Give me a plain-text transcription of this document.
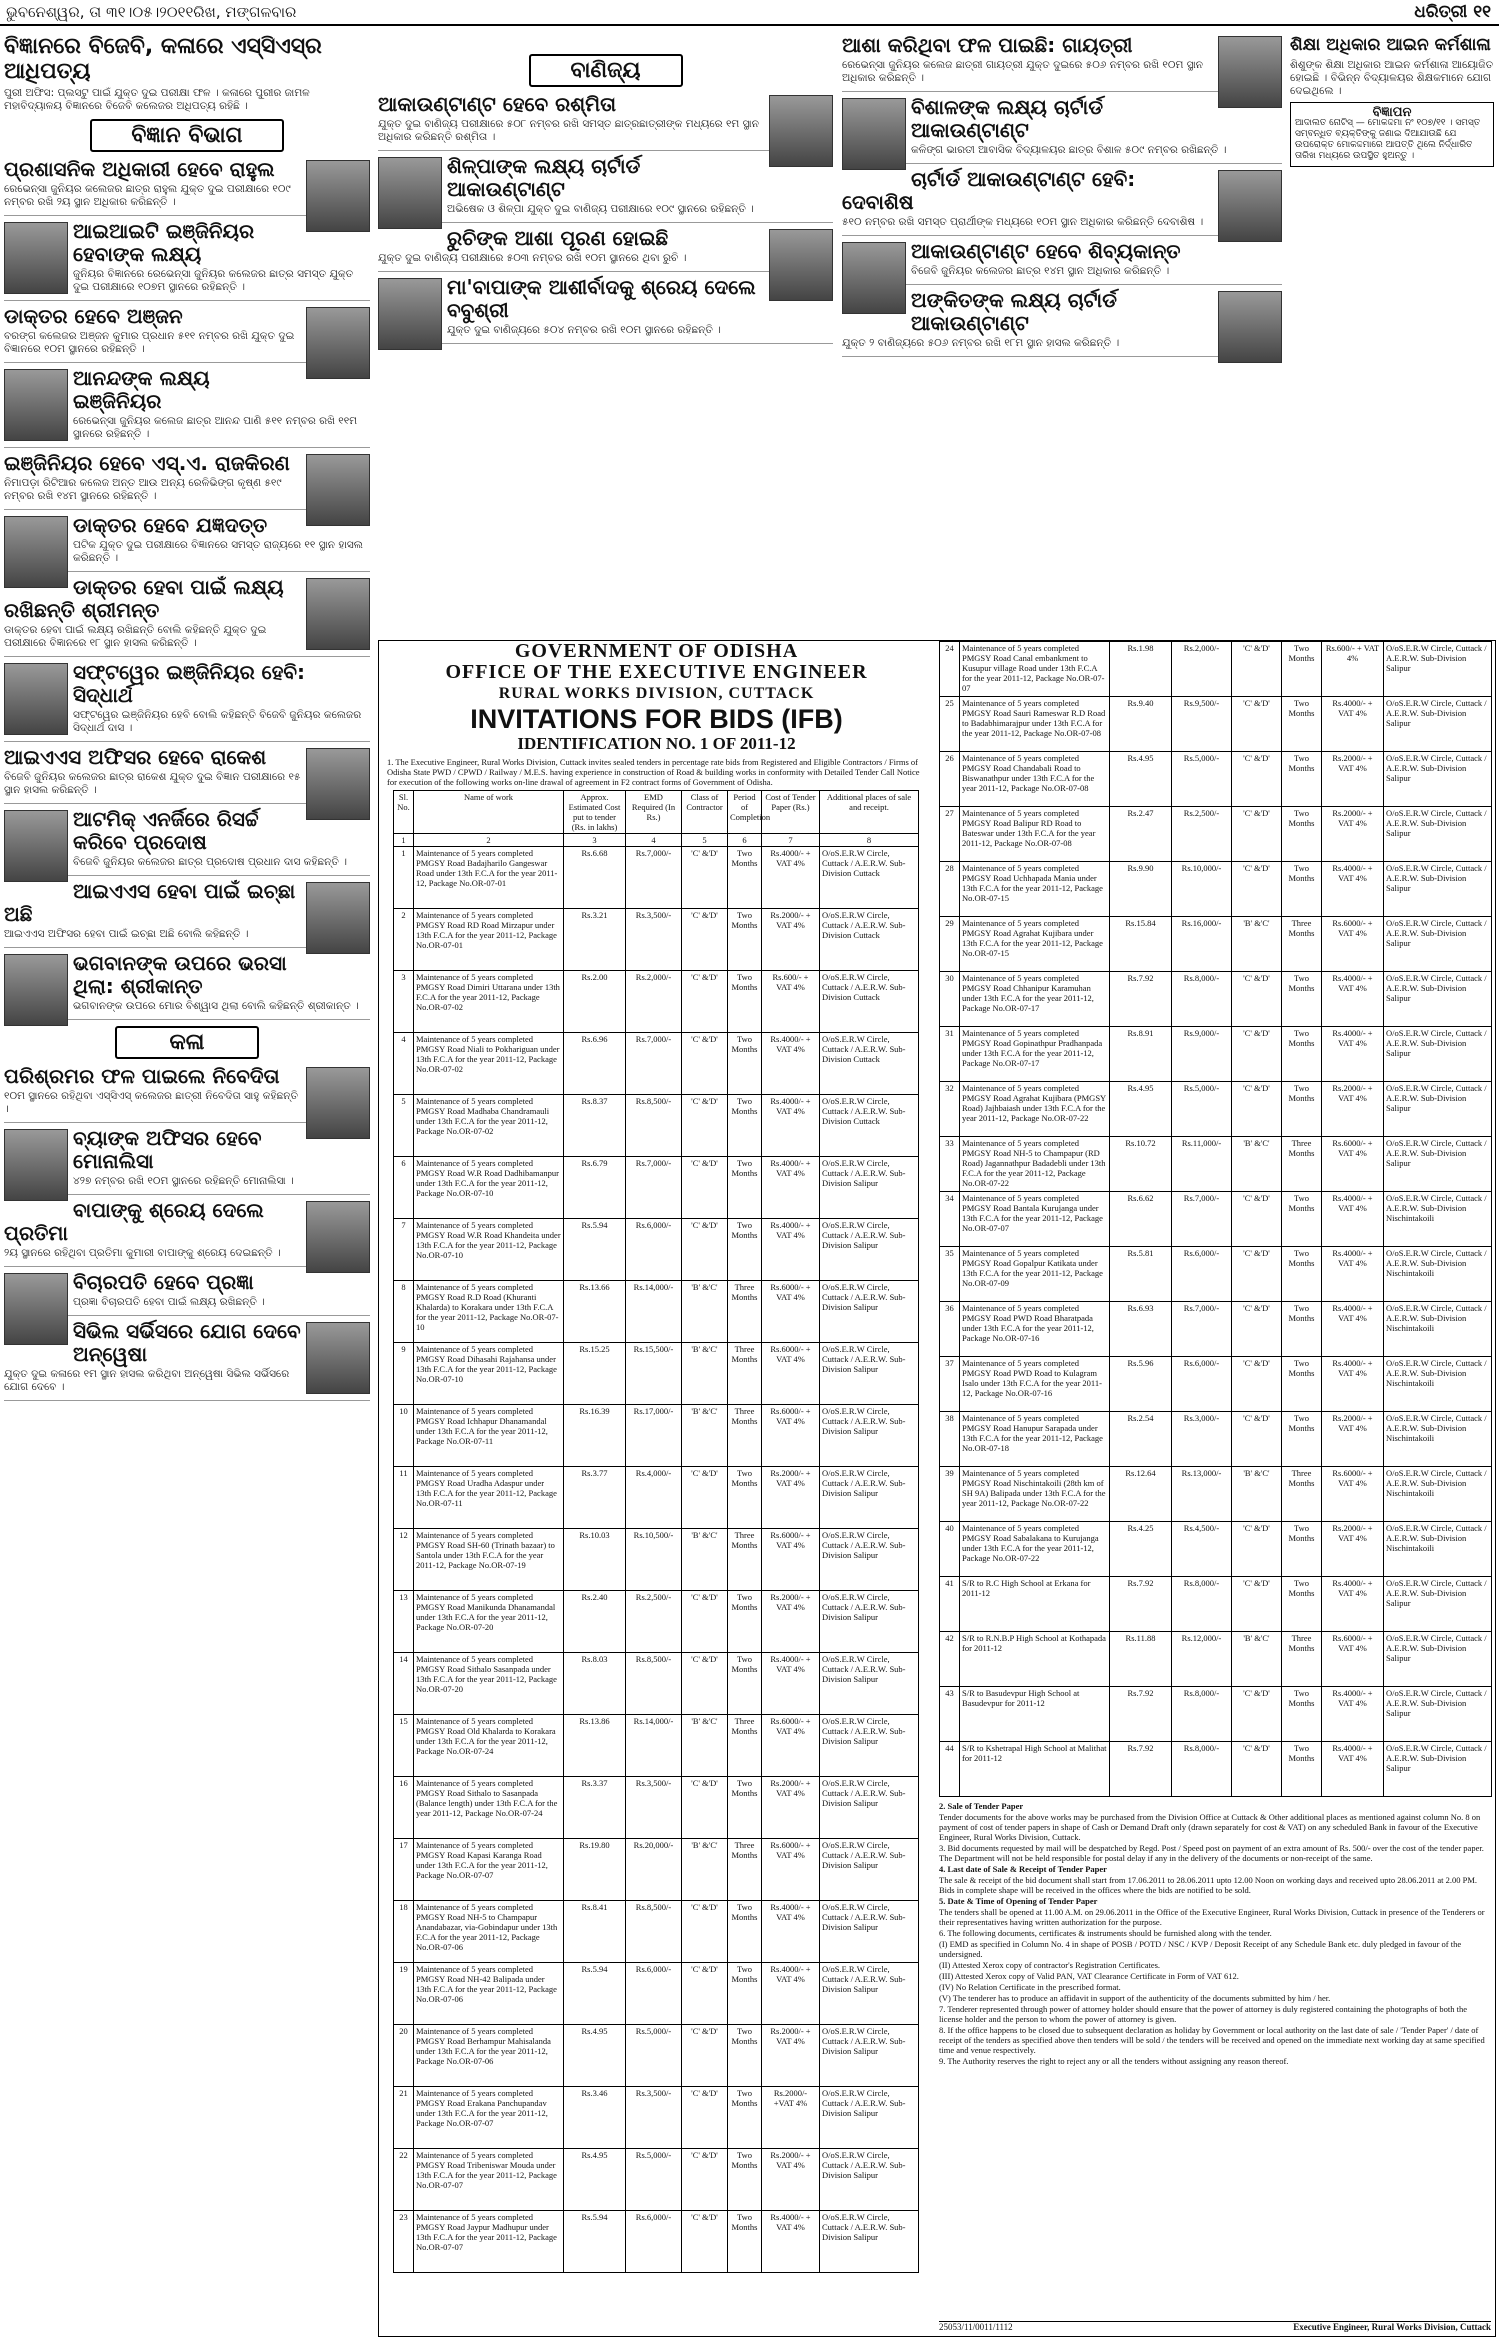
ଭୁବନେଶ୍ୱର, ତା ୩୧।୦୫।୨୦୧୧ରିଖ, ମଙ୍ଗଳବାର	ଧରିତ୍ରୀ ୧୧
ବିଜ୍ଞାନରେ ବିଜେବି, କଳାରେ ଏସ୍‌ସିଏସ୍‌ର ଆଧିପତ୍ୟ
ପୁରୀ ଅଫିସ: ପ୍ଲସଟୁ ପାଇଁ ଯୁକ୍ତ ଦୁଇ ପରୀକ୍ଷା ଫଳ । କଳାରେ ପୁରୀର ଜାମଳ ମହାବିଦ୍ୟାଳୟ ବିଜ୍ଞାନରେ ବିଜେବି କଲେଜର ଅଧିପତ୍ୟ ରହିଛି ।
ବିଜ୍ଞାନ ବିଭାଗ
ପ୍ରଶାସନିକ ଅଧିକାରୀ ହେବେ ରାହୁଲ
ରେଭେନ୍ସା ଜୁନିୟର କଲେଜର ଛାତ୍ର ରାହୁଲ ଯୁକ୍ତ ଦୁଇ ପରୀକ୍ଷାରେ ୧୦୯ ନମ୍ବର ରଖି ୨ୟ ସ୍ଥାନ ଅଧିକାର କରିଛନ୍ତି ।
ଆଇଆଇଟି ଇଞ୍ଜିନିୟର ହେବାଙ୍କ ଲକ୍ଷ୍ୟ
ଜୁନିୟର ବିଜ୍ଞାନରେ ରେଭେନ୍ସା ଜୁନିୟର କଲେଜର ଛାତ୍ର ସମସ୍ତ ଯୁକ୍ତ ଦୁଇ ପରୀକ୍ଷାରେ ୧୦୭ମ ସ୍ଥାନରେ ରହିଛନ୍ତି ।
ଡାକ୍ତର ହେବେ ଅଞ୍ଜନ
ବରଙ୍ଗ କଲେଜର ଅଞ୍ଜନ କୁମାର ପ୍ରଧାନ ୫୧୧ ନମ୍ବର ରଖି ଯୁକ୍ତ ଦୁଇ ବିଜ୍ଞାନରେ ୧୦ମ ସ୍ଥାନରେ ରହିଛନ୍ତି ।
ଆନନ୍ଦଙ୍କ ଲକ୍ଷ୍ୟ ଇଞ୍ଜିନିୟର
ରେଭେନ୍ସା ଜୁନିୟର କଲେଜ ଛାତ୍ର ଆନନ୍ଦ ପାଣି ୫୧୧ ନମ୍ବର ରଖି ୧୧ମ ସ୍ଥାନରେ ରହିଛନ୍ତି ।
ଇଞ୍ଜିନିୟର ହେବେ ଏସ୍‌.ଏ. ରାଜକିରଣ
ନିମାପଡ଼ା ରିଟିଆର କଲେଜ ଅନ୍ତ ଆଉ ଅନ୍ୟ ରେଳିଭିଙ୍ଗ କୃଷ୍ଣ ୫୧୯ ନମ୍ବର ରଖି ୧୪ମ ସ୍ଥାନରେ ରହିଛନ୍ତି ।
ଡାକ୍ତର ହେବେ ଯଜ୍ଞଦତ୍ତ
ପଟିକ ଯୁକ୍ତ ଦୁଇ ପରୀକ୍ଷାରେ ବିଜ୍ଞାନରେ ସମସ୍ତ ରାଜ୍ୟରେ ୧୧ ସ୍ଥାନ ହାସଲ କରିଛନ୍ତି ।
ଡାକ୍ତର ହେବା ପାଇଁ ଲକ୍ଷ୍ୟ ରଖିଛନ୍ତି ଶ୍ରୀମନ୍ତ
ଡାକ୍ତର ହେବା ପାଇଁ ଲକ୍ଷ୍ୟ ରଖିଛନ୍ତି ବୋଲି କହିଛନ୍ତି ଯୁକ୍ତ ଦୁଇ ପରୀକ୍ଷାରେ ବିଜ୍ଞାନରେ ୧୮ ସ୍ଥାନ ହାସଲ କରିଛନ୍ତି ।
ସଫ୍ଟୱେର ଇଞ୍ଜିନିୟର ହେବି: ସିଦ୍ଧାର୍ଥ
ସଫ୍ଟୱେର ଇଞ୍ଜିନିୟର ହେବି ବୋଲି କହିଛନ୍ତି ବିଜେବି ଜୁନିୟର କଲେଜର ସିଦ୍ଧାର୍ଥ ଦାସ ।
ଆଇଏଏସ ଅଫିସର ହେବେ ରାକେଶ
ବିଜେବି ଜୁନିୟର କଲେଜର ଛାତ୍ର ରାକେଶ ଯୁକ୍ତ ଦୁଇ ବିଜ୍ଞାନ ପରୀକ୍ଷାରେ ୧୫ ସ୍ଥାନ ହାସଲ କରିଛନ୍ତି ।
ଆଟମିକ୍‌ ଏନର୍ଜିରେ ରିସର୍ଚ୍ଚ କରିବେ ପ୍ରଦୋଷ
ବିଜେବି ଜୁନିୟର କଲେଜର ଛାତ୍ର ପ୍ରଦୋଷ ପ୍ରଧାନ ଦାସ କହିଛନ୍ତି ।
ଆଇଏଏସ ହେବା ପାଇଁ ଇଚ୍ଛା ଅଛି
ଆଇଏଏସ ଅଫିସର ହେବା ପାଇଁ ଇଚ୍ଛା ଅଛି ବୋଲି କହିଛନ୍ତି ।
ଭଗବାନଙ୍କ ଉପରେ ଭରସା ଥିଲା: ଶ୍ରୀକାନ୍ତ
ଭଗବାନଙ୍କ ଉପରେ ମୋର ବିଶ୍ୱାସ ଥିଲା ବୋଲି କହିଛନ୍ତି ଶ୍ରୀକାନ୍ତ ।
କଳା
ପରିଶ୍ରମର ଫଳ ପାଇଲେ ନିବେଦିତା
୧୦ମ ସ୍ଥାନରେ ରହିଥିବା ଏସ୍‌ସିଏସ୍‌ କଲେଜର ଛାତ୍ରୀ ନିବେଦିତା ସାହୁ କହିଛନ୍ତି ।
ବ୍ୟାଙ୍କ ଅଫିସର ହେବେ ମୋନାଲିସା
୪୨୭ ନମ୍ବର ରଖି ୧୦ମ ସ୍ଥାନରେ ରହିଛନ୍ତି ମୋନାଲିସା ।
ବାପାଙ୍କୁ ଶ୍ରେୟ ଦେଲେ ପ୍ରତିମା
୨ୟ ସ୍ଥାନରେ ରହିଥିବା ପ୍ରତିମା କୁମାରୀ ବାପାଙ୍କୁ ଶ୍ରେୟ ଦେଇଛନ୍ତି ।
ବିଚାରପତି ହେବେ ପ୍ରଜ୍ଞା
ପ୍ରଜ୍ଞା ବିଚାରପତି ହେବା ପାଇଁ ଲକ୍ଷ୍ୟ ରଖିଛନ୍ତି ।
ସିଭିଲ ସର୍ଭିସରେ ଯୋଗ ଦେବେ ଅନ୍ୱେଷା
ଯୁକ୍ତ ଦୁଇ କଳାରେ ୧ମ ସ୍ଥାନ ହାସଲ କରିଥିବା ଅନ୍ୱେଷା ସିଭିଲ ସର୍ଭିସରେ ଯୋଗ ଦେବେ ।
ବାଣିଜ୍ୟ
ଆକାଉଣ୍ଟାଣ୍ଟ ହେବେ ରଶ୍ମିତା
ଯୁକ୍ତ ଦୁଇ ବାଣିଜ୍ୟ ପରୀକ୍ଷାରେ ୫୦୮ ନମ୍ବର ରଖି ସମସ୍ତ ଛାତ୍ରଛାତ୍ରୀଙ୍କ ମଧ୍ୟରେ ୧ମ ସ୍ଥାନ ଅଧିକାର କରିଛନ୍ତି ରଶ୍ମିତା ।
ଶିଳ୍ପାଙ୍କ ଲକ୍ଷ୍ୟ ଚାର୍ଟାର୍ଡ ଆକାଉଣ୍ଟାଣ୍ଟ
ଅଭିଷେକ ଓ ଶିଳ୍ପା ଯୁକ୍ତ ଦୁଇ ବାଣିଜ୍ୟ ପରୀକ୍ଷାରେ ୧୦୯ ସ୍ଥାନରେ ରହିଛନ୍ତି ।
ରୁଚିଙ୍କ ଆଶା ପୂରଣ ହୋଇଛି
ଯୁକ୍ତ ଦୁଇ ବାଣିଜ୍ୟ ପରୀକ୍ଷାରେ ୫୦୩ ନମ୍ବର ରଖି ୧୦ମ ସ୍ଥାନରେ ଥିବା ରୁଚି ।
ମା'ବାପାଙ୍କ ଆଶୀର୍ବାଦକୁ ଶ୍ରେୟ ଦେଲେ ବବୁଶ୍ରୀ
ଯୁକ୍ତ ଦୁଇ ବାଣିଜ୍ୟରେ ୫୦୪ ନମ୍ବର ରଖି ୧୦ମ ସ୍ଥାନରେ ରହିଛନ୍ତି ।
ଆଶା କରିଥିବା ଫଳ ପାଇଛି: ଗାୟତ୍ରୀ
ରେଭେନ୍ସା ଜୁନିୟର କଲେଜ ଛାତ୍ରୀ ଗାୟତ୍ରୀ ଯୁକ୍ତ ଦୁଇରେ ୫୦୬ ନମ୍ବର ରଖି ୧୦ମ ସ୍ଥାନ ଅଧିକାର କରିଛନ୍ତି ।
ବିଶାଳଙ୍କ ଲକ୍ଷ୍ୟ ଚାର୍ଟାର୍ଡ ଆକାଉଣ୍ଟାଣ୍ଟ
କଳିଙ୍ଗ ଭାରତୀ ଆବାସିକ ବିଦ୍ୟାଳୟର ଛାତ୍ର ବିଶାଳ ୫୦୯ ନମ୍ବର ରଖିଛନ୍ତି ।
ଚାର୍ଟାର୍ଡ ଆକାଉଣ୍ଟାଣ୍ଟ ହେବି: ଦେବାଶିଷ
୫୧୦ ନମ୍ବର ରଖି ସମସ୍ତ ପ୍ରାର୍ଥୀଙ୍କ ମଧ୍ୟରେ ୧୦ମ ସ୍ଥାନ ଅଧିକାର କରିଛନ୍ତି ଦେବାଶିଷ ।
ଆକାଉଣ୍ଟାଣ୍ଟ ହେବେ ଶିବ୍ୟକାନ୍ତ
ବିଜେବି ଜୁନିୟର କଲେଜର ଛାତ୍ର ୧୪ମ ସ୍ଥାନ ଅଧିକାର କରିଛନ୍ତି ।
ଅଙ୍କିତଙ୍କ ଲକ୍ଷ୍ୟ ଚାର୍ଟାର୍ଡ ଆକାଉଣ୍ଟାଣ୍ଟ
ଯୁକ୍ତ ୨ ବାଣିଜ୍ୟରେ ୫୦୬ ନମ୍ବର ରଖି ୧୮ମ ସ୍ଥାନ ହାସଲ କରିଛନ୍ତି ।
ଶିକ୍ଷା ଅଧିକାର ଆଇନ କର୍ମଶାଳା
ଶିଶୁଙ୍କ ଶିକ୍ଷା ଅଧିକାର ଆଇନ କର୍ମଶାଳା ଆୟୋଜିତ ହୋଇଛି । ବିଭିନ୍ନ ବିଦ୍ୟାଳୟର ଶିକ୍ଷକମାନେ ଯୋଗ ଦେଇଥିଲେ ।
ବିଜ୍ଞାପନ
ଆଦାଲତ ନୋଟିସ୍‌ — ମୋକଦ୍ଦମା ନଂ ୧୦୭/୧୧ । ସମସ୍ତ ସମ୍ବନ୍ଧିତ ବ୍ୟକ୍ତିଙ୍କୁ ଜଣାଇ ଦିଆଯାଉଛି ଯେ ଉପରୋକ୍ତ ମୋକଦ୍ଦମାରେ ଆପତ୍ତି ଥିଲେ ନିର୍ଦ୍ଧାରିତ ତାରିଖ ମଧ୍ୟରେ ଉପସ୍ଥିତ ହୁଅନ୍ତୁ ।
GOVERNMENT OF ODISHA
OFFICE OF THE EXECUTIVE ENGINEER
RURAL WORKS DIVISION, CUTTACK
INVITATIONS FOR BIDS (IFB)
IDENTIFICATION NO. 1 OF 2011-12
1. The Executive Engineer, Rural Works Division, Cuttack invites sealed tenders in percentage rate bids from Registered and Eligible Contractors / Firms of Odisha State PWD / CPWD / Railway / M.E.S. having experience in construction of Road & building works in conformity with Detailed Tender Call Notice for execution of the following works on-line drawal of agreement in F2 contract forms of Government of Odisha.
Sl. No.	Name of work	Approx. Estimated Cost put to tender (Rs. in lakhs)	EMD Required (In Rs.)	Class of Contractor	Period of Completion	Cost of Tender Paper (Rs.)	Additional places of sale and receipt.
1	2	3	4	5	6	7	8
1	Maintenance of 5 years completed PMGSY Road Badajharilo Gangeswar Road under 13th F.C.A for the year 2011-12, Package No.OR-07-01	Rs.6.68	Rs.7,000/-	'C' &'D'	Two Months	Rs.4000/- + VAT 4%	O/oS.E.R.W Circle, Cuttack / A.E.R.W. Sub-Division Cuttack
2	Maintenance of 5 years completed PMGSY Road RD Road Mirzapur under 13th F.C.A for the year 2011-12, Package No.OR-07-01	Rs.3.21	Rs.3,500/-	'C' &'D'	Two Months	Rs.2000/- + VAT 4%	O/oS.E.R.W Circle, Cuttack / A.E.R.W. Sub-Division Cuttack
3	Maintenance of 5 years completed PMGSY Road Dimiri Uttarana under 13th F.C.A for the year 2011-12, Package No.OR-07-02	Rs.2.00	Rs.2,000/-	'C' &'D'	Two Months	Rs.600/- + VAT 4%	O/oS.E.R.W Circle, Cuttack / A.E.R.W. Sub-Division Cuttack
4	Maintenance of 5 years completed PMGSY Road Niali to Pokhariguan under 13th F.C.A for the year 2011-12, Package No.OR-07-02	Rs.6.96	Rs.7,000/-	'C' &'D'	Two Months	Rs.4000/- + VAT 4%	O/oS.E.R.W Circle, Cuttack / A.E.R.W. Sub-Division Cuttack
5	Maintenance of 5 years completed PMGSY Road Madhaba Chandramauli under 13th F.C.A for the year 2011-12, Package No.OR-07-02	Rs.8.37	Rs.8,500/-	'C' &'D'	Two Months	Rs.4000/- + VAT 4%	O/oS.E.R.W Circle, Cuttack / A.E.R.W. Sub-Division Cuttack
6	Maintenance of 5 years completed PMGSY Road W.R Road Dadhibamanpur under 13th F.C.A for the year 2011-12, Package No.OR-07-10	Rs.6.79	Rs.7,000/-	'C' &'D'	Two Months	Rs.4000/- + VAT 4%	O/oS.E.R.W Circle, Cuttack / A.E.R.W. Sub-Division Salipur
7	Maintenance of 5 years completed PMGSY Road W.R Road Khandeita under 13th F.C.A for the year 2011-12, Package No.OR-07-10	Rs.5.94	Rs.6,000/-	'C' &'D'	Two Months	Rs.4000/- + VAT 4%	O/oS.E.R.W Circle, Cuttack / A.E.R.W. Sub-Division Salipur
8	Maintenance of 5 years completed PMGSY Road R.D Road (Khuranti Khalarda) to Korakara under 13th F.C.A for the year 2011-12, Package No.OR-07-10	Rs.13.66	Rs.14,000/-	'B' &'C'	Three Months	Rs.6000/- + VAT 4%	O/oS.E.R.W Circle, Cuttack / A.E.R.W. Sub-Division Salipur
9	Maintenance of 5 years completed PMGSY Road Dihasahi Rajahansa under 13th F.C.A for the year 2011-12, Package No.OR-07-10	Rs.15.25	Rs.15,500/-	'B' &'C'	Three Months	Rs.6000/- + VAT 4%	O/oS.E.R.W Circle, Cuttack / A.E.R.W. Sub-Division Salipur
10	Maintenance of 5 years completed PMGSY Road Ichhapur Dhanamandal under 13th F.C.A for the year 2011-12, Package No.OR-07-11	Rs.16.39	Rs.17,000/-	'B' &'C'	Three Months	Rs.6000/- + VAT 4%	O/oS.E.R.W Circle, Cuttack / A.E.R.W. Sub-Division Salipur
11	Maintenance of 5 years completed PMGSY Road Uradha Adaspur under 13th F.C.A for the year 2011-12, Package No.OR-07-11	Rs.3.77	Rs.4,000/-	'C' &'D'	Two Months	Rs.2000/- + VAT 4%	O/oS.E.R.W Circle, Cuttack / A.E.R.W. Sub-Division Salipur
12	Maintenance of 5 years completed PMGSY Road SH-60 (Trinath bazaar) to Santola under 13th F.C.A for the year 2011-12, Package No.OR-07-19	Rs.10.03	Rs.10,500/-	'B' &'C'	Three Months	Rs.6000/- + VAT 4%	O/oS.E.R.W Circle, Cuttack / A.E.R.W. Sub-Division Salipur
13	Maintenance of 5 years completed PMGSY Road Manikunda Dhanamandal under 13th F.C.A for the year 2011-12, Package No.OR-07-20	Rs.2.40	Rs.2,500/-	'C' &'D'	Two Months	Rs.2000/- + VAT 4%	O/oS.E.R.W Circle, Cuttack / A.E.R.W. Sub-Division Salipur
14	Maintenance of 5 years completed PMGSY Road Sithalo Sasanpada under 13th F.C.A for the year 2011-12, Package No.OR-07-20	Rs.8.03	Rs.8,500/-	'C' &'D'	Two Months	Rs.4000/- + VAT 4%	O/oS.E.R.W Circle, Cuttack / A.E.R.W. Sub-Division Salipur
15	Maintenance of 5 years completed PMGSY Road Old Khalarda to Korakara under 13th F.C.A for the year 2011-12, Package No.OR-07-24	Rs.13.86	Rs.14,000/-	'B' &'C'	Three Months	Rs.6000/- + VAT 4%	O/oS.E.R.W Circle, Cuttack / A.E.R.W. Sub-Division Salipur
16	Maintenance of 5 years completed PMGSY Road Sithalo to Sasanpada (Balance length) under 13th F.C.A for the year 2011-12, Package No.OR-07-24	Rs.3.37	Rs.3,500/-	'C' &'D'	Two Months	Rs.2000/- + VAT 4%	O/oS.E.R.W Circle, Cuttack / A.E.R.W. Sub-Division Salipur
17	Maintenance of 5 years completed PMGSY Road Kapasi Karanga Road under 13th F.C.A for the year 2011-12, Package No.OR-07-07	Rs.19.80	Rs.20,000/-	'B' &'C'	Three Months	Rs.6000/- + VAT 4%	O/oS.E.R.W Circle, Cuttack / A.E.R.W. Sub-Division Salipur
18	Maintenance of 5 years completed PMGSY Road NH-5 to Champapur Anandabazar, via-Gobindapur under 13th F.C.A for the year 2011-12, Package No.OR-07-06	Rs.8.41	Rs.8,500/-	'C' &'D'	Two Months	Rs.4000/- + VAT 4%	O/oS.E.R.W Circle, Cuttack / A.E.R.W. Sub-Division Salipur
19	Maintenance of 5 years completed PMGSY Road NH-42 Balipada under 13th F.C.A for the year 2011-12, Package No.OR-07-06	Rs.5.94	Rs.6,000/-	'C' &'D'	Two Months	Rs.4000/- + VAT 4%	O/oS.E.R.W Circle, Cuttack / A.E.R.W. Sub-Division Salipur
20	Maintenance of 5 years completed PMGSY Road Berhampur Mahisalanda under 13th F.C.A for the year 2011-12, Package No.OR-07-06	Rs.4.95	Rs.5,000/-	'C' &'D'	Two Months	Rs.2000/- + VAT 4%	O/oS.E.R.W Circle, Cuttack / A.E.R.W. Sub-Division Salipur
21	Maintenance of 5 years completed PMGSY Road Erakana Panchupandav under 13th F.C.A for the year 2011-12, Package No.OR-07-07	Rs.3.46	Rs.3,500/-	'C' &'D'	Two Months	Rs.2000/- +VAT 4%	O/oS.E.R.W Circle, Cuttack / A.E.R.W. Sub-Division Salipur
22	Maintenance of 5 years completed PMGSY Road Tribeniswar Mouda under 13th F.C.A for the year 2011-12, Package No.OR-07-07	Rs.4.95	Rs.5,000/-	'C' &'D'	Two Months	Rs.2000/- + VAT 4%	O/oS.E.R.W Circle, Cuttack / A.E.R.W. Sub-Division Salipur
23	Maintenance of 5 years completed PMGSY Road Jaypur Madhupur under 13th F.C.A for the year 2011-12, Package No.OR-07-07	Rs.5.94	Rs.6,000/-	'C' &'D'	Two Months	Rs.4000/- + VAT 4%	O/oS.E.R.W Circle, Cuttack / A.E.R.W. Sub-Division Salipur
24	Maintenance of 5 years completed PMGSY Road Canal embankment to Kusupur village Road under 13th F.C.A for the year 2011-12, Package No.OR-07-07	Rs.1.98	Rs.2,000/-	'C' &'D'	Two Months	Rs.600/- + VAT 4%	O/oS.E.R.W Circle, Cuttack / A.E.R.W. Sub-Division Salipur
25	Maintenance of 5 years completed PMGSY Road Sauri Rameswar R.D Road to Badabhimarajpur under 13th F.C.A for the year 2011-12, Package No.OR-07-08	Rs.9.40	Rs.9,500/-	'C' &'D'	Two Months	Rs.4000/- + VAT 4%	O/oS.E.R.W Circle, Cuttack / A.E.R.W. Sub-Division Salipur
26	Maintenance of 5 years completed PMGSY Road Chandabali Road to Biswanathpur under 13th F.C.A for the year 2011-12, Package No.OR-07-08	Rs.4.95	Rs.5,000/-	'C' &'D'	Two Months	Rs.2000/- + VAT 4%	O/oS.E.R.W Circle, Cuttack / A.E.R.W. Sub-Division Salipur
27	Maintenance of 5 years completed PMGSY Road Balipur RD Road to Bateswar under 13th F.C.A for the year 2011-12, Package No.OR-07-08	Rs.2.47	Rs.2,500/-	'C' &'D'	Two Months	Rs.2000/- + VAT 4%	O/oS.E.R.W Circle, Cuttack / A.E.R.W. Sub-Division Salipur
28	Maintenance of 5 years completed PMGSY Road Uchhapada Mania under 13th F.C.A for the year 2011-12, Package No.OR-07-15	Rs.9.90	Rs.10,000/-	'C' &'D'	Two Months	Rs.4000/- + VAT 4%	O/oS.E.R.W Circle, Cuttack / A.E.R.W. Sub-Division Salipur
29	Maintenance of 5 years completed PMGSY Road Agrahat Kujibara under 13th F.C.A for the year 2011-12, Package No.OR-07-15	Rs.15.84	Rs.16,000/-	'B' &'C'	Three Months	Rs.6000/- + VAT 4%	O/oS.E.R.W Circle, Cuttack / A.E.R.W. Sub-Division Salipur
30	Maintenance of 5 years completed PMGSY Road Chhanipur Karamuhan under 13th F.C.A for the year 2011-12, Package No.OR-07-17	Rs.7.92	Rs.8,000/-	'C' &'D'	Two Months	Rs.4000/- + VAT 4%	O/oS.E.R.W Circle, Cuttack / A.E.R.W. Sub-Division Salipur
31	Maintenance of 5 years completed PMGSY Road Gopinathpur Pradhanpada under 13th F.C.A for the year 2011-12, Package No.OR-07-17	Rs.8.91	Rs.9,000/-	'C' &'D'	Two Months	Rs.4000/- + VAT 4%	O/oS.E.R.W Circle, Cuttack / A.E.R.W. Sub-Division Salipur
32	Maintenance of 5 years completed PMGSY Road Agrahat Kujibara (PMGSY Road) Jajhbaiash under 13th F.C.A for the year 2011-12, Package No.OR-07-22	Rs.4.95	Rs.5,000/-	'C' &'D'	Two Months	Rs.2000/- + VAT 4%	O/oS.E.R.W Circle, Cuttack / A.E.R.W. Sub-Division Salipur
33	Maintenance of 5 years completed PMGSY Road NH-5 to Champapur (RD Road) Jagannathpur Badadebli under 13th F.C.A for the year 2011-12, Package No.OR-07-22	Rs.10.72	Rs.11,000/-	'B' &'C'	Three Months	Rs.6000/- + VAT 4%	O/oS.E.R.W Circle, Cuttack / A.E.R.W. Sub-Division Salipur
34	Maintenance of 5 years completed PMGSY Road Bantala Kurujanga under 13th F.C.A for the year 2011-12, Package No.OR-07-07	Rs.6.62	Rs.7,000/-	'C' &'D'	Two Months	Rs.4000/- + VAT 4%	O/oS.E.R.W Circle, Cuttack / A.E.R.W. Sub-Division Nischintakoili
35	Maintenance of 5 years completed PMGSY Road Gopalpur Katikata under 13th F.C.A for the year 2011-12, Package No.OR-07-09	Rs.5.81	Rs.6,000/-	'C' &'D'	Two Months	Rs.4000/- + VAT 4%	O/oS.E.R.W Circle, Cuttack / A.E.R.W. Sub-Division Nischintakoili
36	Maintenance of 5 years completed PMGSY Road PWD Road Bharatpada under 13th F.C.A for the year 2011-12, Package No.OR-07-16	Rs.6.93	Rs.7,000/-	'C' &'D'	Two Months	Rs.4000/- + VAT 4%	O/oS.E.R.W Circle, Cuttack / A.E.R.W. Sub-Division Nischintakoili
37	Maintenance of 5 years completed PMGSY Road PWD Road to Kulagram Isalo under 13th F.C.A for the year 2011-12, Package No.OR-07-16	Rs.5.96	Rs.6,000/-	'C' &'D'	Two Months	Rs.4000/- + VAT 4%	O/oS.E.R.W Circle, Cuttack / A.E.R.W. Sub-Division Nischintakoili
38	Maintenance of 5 years completed PMGSY Road Hanupur Sarapada under 13th F.C.A for the year 2011-12, Package No.OR-07-18	Rs.2.54	Rs.3,000/-	'C' &'D'	Two Months	Rs.2000/- + VAT 4%	O/oS.E.R.W Circle, Cuttack / A.E.R.W. Sub-Division Nischintakoili
39	Maintenance of 5 years completed PMGSY Road Nischintakoili (28th km of SH 9A) Balipada under 13th F.C.A for the year 2011-12, Package No.OR-07-22	Rs.12.64	Rs.13,000/-	'B' &'C'	Three Months	Rs.6000/- + VAT 4%	O/oS.E.R.W Circle, Cuttack / A.E.R.W. Sub-Division Nischintakoili
40	Maintenance of 5 years completed PMGSY Road Sabalakana to Kurujanga under 13th F.C.A for the year 2011-12, Package No.OR-07-22	Rs.4.25	Rs.4,500/-	'C' &'D'	Two Months	Rs.2000/- + VAT 4%	O/oS.E.R.W Circle, Cuttack / A.E.R.W. Sub-Division Nischintakoili
41	S/R to R.C High School at Erkana for 2011-12	Rs.7.92	Rs.8,000/-	'C' &'D'	Two Months	Rs.4000/- + VAT 4%	O/oS.E.R.W Circle, Cuttack / A.E.R.W. Sub-Division Salipur
42	S/R to R.N.B.P High School at Kothapada for 2011-12	Rs.11.88	Rs.12,000/-	'B' &'C'	Three Months	Rs.6000/- + VAT 4%	O/oS.E.R.W Circle, Cuttack / A.E.R.W. Sub-Division Salipur
43	S/R to Basudevpur High School at Basudevpur for 2011-12	Rs.7.92	Rs.8,000/-	'C' &'D'	Two Months	Rs.4000/- + VAT 4%	O/oS.E.R.W Circle, Cuttack / A.E.R.W. Sub-Division Salipur
44	S/R to Kshetrapal High School at Malithat for 2011-12	Rs.7.92	Rs.8,000/-	'C' &'D'	Two Months	Rs.4000/- + VAT 4%	O/oS.E.R.W Circle, Cuttack / A.E.R.W. Sub-Division Salipur

2. Sale of Tender Paper

Tender documents for the above works may be purchased from the Division Office at Cuttack & Other additional places as mentioned against column No. 8 on payment of cost of tender papers in shape of Cash or Demand Draft only (drawn separately for cost & VAT) on any scheduled Bank in favour of the Executive Engineer, Rural Works Division, Cuttack.

3. Bid documents requested by mail will be despatched by Regd. Post / Speed post on payment of an extra amount of Rs. 500/- over the cost of the tender paper. The Department will not be held responsible for postal delay if any in the delivery of the documents or non-receipt of the same.

4. Last date of Sale & Receipt of Tender Paper

The sale & receipt of the bid document shall start from 17.06.2011 to 28.06.2011 upto 12.00 Noon on working days and received upto 28.06.2011 at 2.00 PM. Bids in complete shape will be received in the offices where the bids are notified to be sold.

5. Date & Time of Opening of Tender Paper

The tenders shall be opened at 11.00 A.M. on 29.06.2011 in the Office of the Executive Engineer, Rural Works Division, Cuttack in presence of the Tenderers or their representatives having written authorization for the purpose.

6. The following documents, certificates & instruments should be furnished along with the tender.

(I) EMD as specified in Column No. 4 in shape of POSB / POTD / NSC / KVP / Deposit Receipt of any Schedule Bank etc. duly pledged in favour of the undersigned.

(II) Attested Xerox copy of contractor's Registration Certificates.

(III) Attested Xerox copy of Valid PAN, VAT Clearance Certificate in Form of VAT 612.

(IV) No Relation Certificate in the prescribed format.

(V) The tenderer has to produce an affidavit in support of the authenticity of the documents submitted by him / her.

7. Tenderer represented through power of attorney holder should ensure that the power of attorney is duly registered containing the photographs of both the license holder and the person to whom the power of attorney is given.

8. If the office happens to be closed due to subsequent declaration as holiday by Government or local authority on the last date of sale / 'Tender Paper' / date of receipt of the tenders as specified above then tenders will be sold / the tenders will be received and opened on the immediate next working day at same specified time and venue respectively.

9. The Authority reserves the right to reject any or all the tenders without assigning any reason thereof.

25053/11/0011/1112	Executive Engineer, Rural Works Division, Cuttack
